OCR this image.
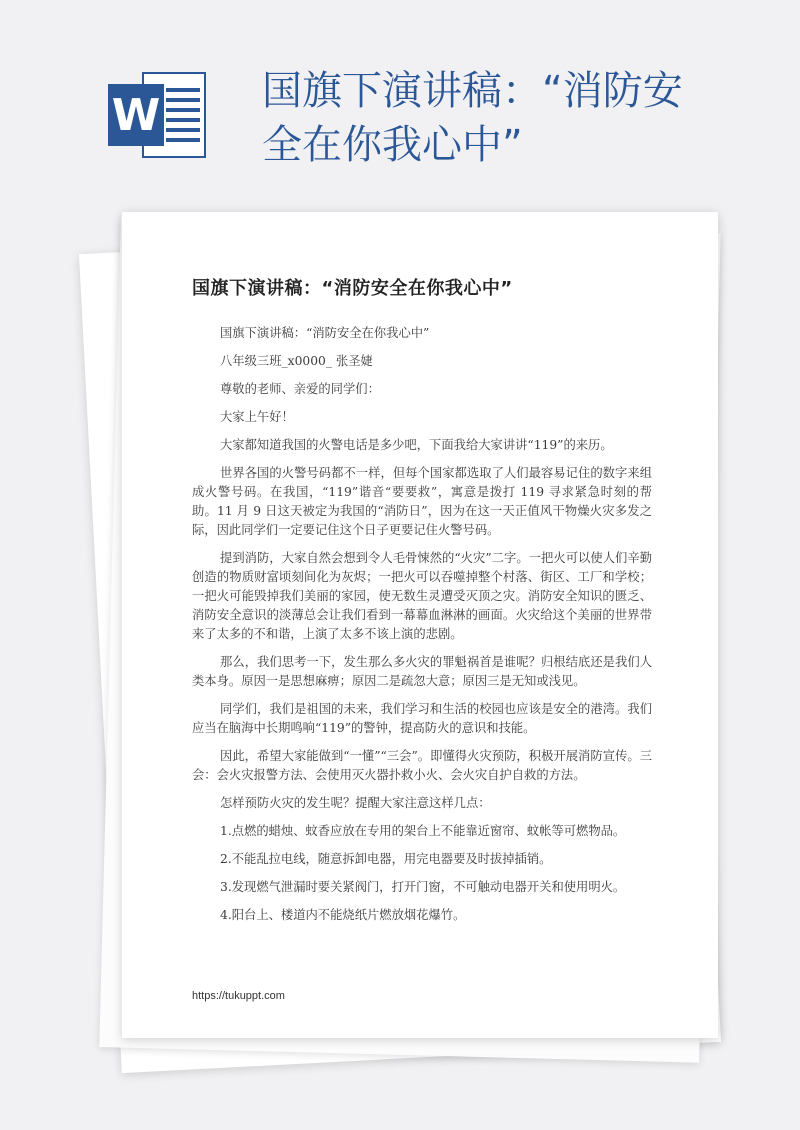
W	国旗下演讲稿：“消防安全在你我心中”
国旗下演讲稿：“消防安全在你我心中”

国旗下演讲稿：“消防安全在你我心中”

八年级三班_x0000_ 张圣婕

尊敬的老师、亲爱的同学们：

大家上午好！

大家都知道我国的火警电话是多少吧，下面我给大家讲讲“119”的来历。

世界各国的火警号码都不一样，但每个国家都选取了人们最容易记住的数字来组成火警号码。在我国，“119”谐音“要要救”，寓意是拨打 119 寻求紧急时刻的帮助。11 月 9 日这天被定为我国的“消防日”，因为在这一天正值风干物燥火灾多发之际，因此同学们一定要记住这个日子更要记住火警号码。

提到消防，大家自然会想到令人毛骨悚然的“火灾”二字。一把火可以使人们辛勤创造的物质财富顷刻间化为灰烬；一把火可以吞噬掉整个村落、街区、工厂和学校；一把火可能毁掉我们美丽的家园，使无数生灵遭受灭顶之灾。消防安全知识的匮乏、消防安全意识的淡薄总会让我们看到一幕幕血淋淋的画面。火灾给这个美丽的世界带来了太多的不和谐，上演了太多不该上演的悲剧。

那么，我们思考一下，发生那么多火灾的罪魁祸首是谁呢？归根结底还是我们人类本身。原因一是思想麻痹；原因二是疏忽大意；原因三是无知或浅见。

同学们，我们是祖国的未来，我们学习和生活的校园也应该是安全的港湾。我们应当在脑海中长期鸣响“119”的警钟，提高防火的意识和技能。

因此，希望大家能做到“一懂”“三会”。即懂得火灾预防，积极开展消防宣传。三会：会火灾报警方法、会使用灭火器扑救小火、会火灾自护自救的方法。

怎样预防火灾的发生呢？提醒大家注意这样几点：

1.点燃的蜡烛、蚊香应放在专用的架台上不能靠近窗帘、蚊帐等可燃物品。

2.不能乱拉电线，随意拆卸电器，用完电器要及时拔掉插销。

3.发现燃气泄漏时要关紧阀门，打开门窗，不可触动电器开关和使用明火。

4.阳台上、楼道内不能烧纸片燃放烟花爆竹。

https://tukuppt.com
